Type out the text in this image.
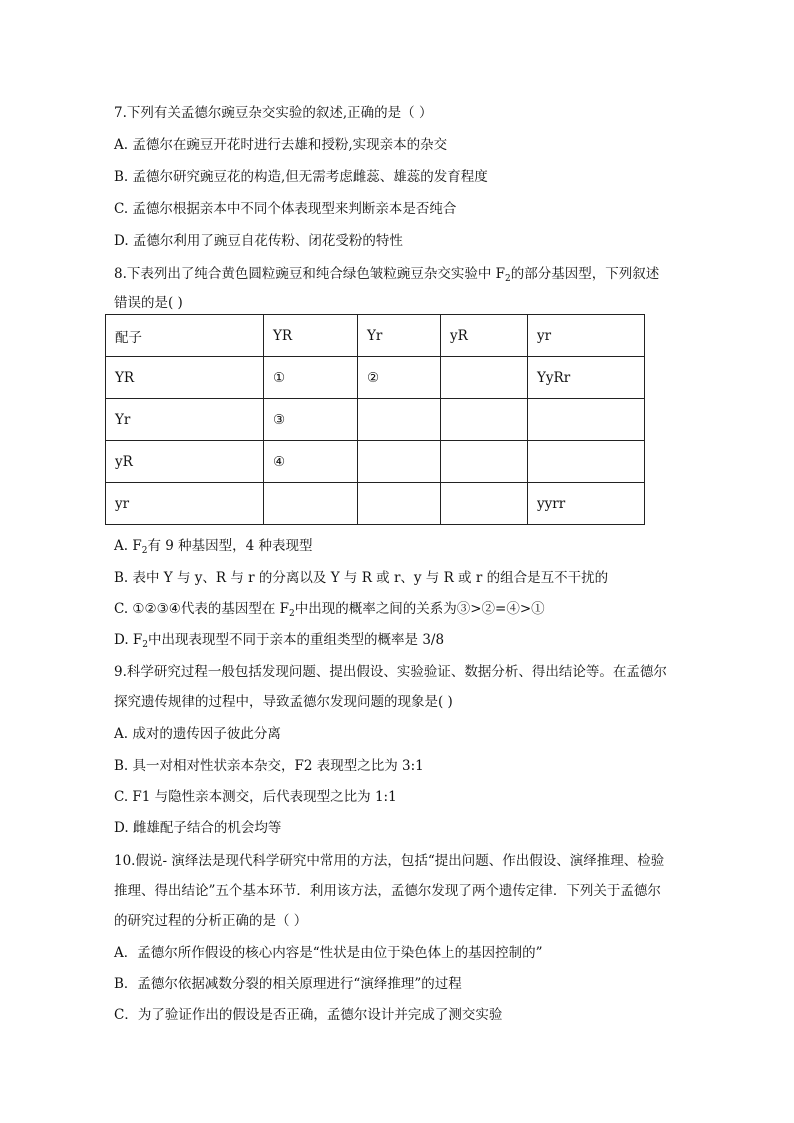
7.下列有关孟德尔豌豆杂交实验的叙述,正确的是（ ）
A. 孟德尔在豌豆开花时进行去雄和授粉,实现亲本的杂交
B. 孟德尔研究豌豆花的构造,但无需考虑雌蕊、雄蕊的发育程度
C. 孟德尔根据亲本中不同个体表现型来判断亲本是否纯合
D. 孟德尔利用了豌豆自花传粉、闭花受粉的特性
8.下表列出了纯合黄色圆粒豌豆和纯合绿色皱粒豌豆杂交实验中 $F_2$的部分基因型，下列叙述
错误的是( )
配子	YR	Yr	yR	yr
YR	①	②		YyRr
Yr	③			
yR	④			
yr				yyrr
A. $F_2$有 9 种基因型，4 种表现型
B. 表中 Y 与 y、R 与 r 的分离以及 Y 与 R 或 r、y 与 R 或 r 的组合是互不干扰的
C. ①②③④代表的基因型在 $F_2$中出现的概率之间的关系为③>②=④>①
D. $F_2$中出现表现型不同于亲本的重组类型的概率是 3/8
9.科学研究过程一般包括发现问题、提出假设、实验验证、数据分析、得出结论等。在孟德尔
探究遗传规律的过程中，导致孟德尔发现问题的现象是( )
A. 成对的遗传因子彼此分离
B. 具一对相对性状亲本杂交，F2 表现型之比为 3:1
C. F1 与隐性亲本测交，后代表现型之比为 1:1
D. 雌雄配子结合的机会均等
10.假说- 演绎法是现代科学研究中常用的方法，包括“提出问题、作出假设、演绎推理、检验
推理、得出结论”五个基本环节．利用该方法，孟德尔发现了两个遗传定律．下列关于孟德尔
的研究过程的分析正确的是（ ）
A．孟德尔所作假设的核心内容是“性状是由位于染色体上的基因控制的”
B．孟德尔依据减数分裂的相关原理进行“演绎推理”的过程
C．为了验证作出的假设是否正确，孟德尔设计并完成了测交实验
